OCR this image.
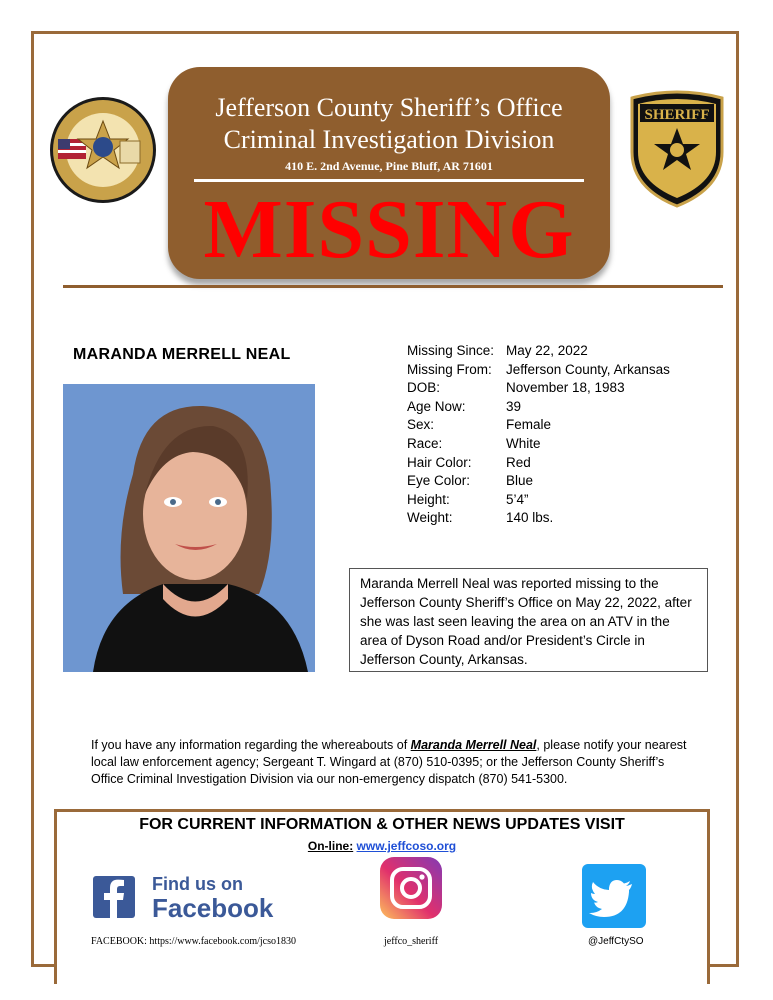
SHERIFF
Jefferson County Sheriff’s Office
Criminal Investigation Division
410 E. 2nd Avenue, Pine Bluff, AR 71601
MISSING
MARANDA MERRELL NEAL	Missing Since: May 22, 2022
Missing From: Jefferson County, Arkansas
DOB:	November 18, 1983
Age Now:	39
Sex:	Female
Race:	White
Hair Color:	Red
Eye Color:	Blue
Height:	5’4”
Weight:	140 lbs.
Maranda Merrell Neal was reported missing to the Jefferson County Sheriff’s Office on May 22, 2022, after she was last seen leaving the area on an ATV in the area of Dyson Road and/or President’s Circle in Jefferson County, Arkansas.
If you have any information regarding the whereabouts of Maranda Merrell Neal, please notify your nearest local law enforcement agency; Sergeant T. Wingard at (870) 510-0395; or the Jefferson County Sheriff’s Office Criminal Investigation Division via our non-emergency dispatch (870) 541-5300.
FOR CURRENT INFORMATION & OTHER NEWS UPDATES VISIT
On-line: www.jeffcoso.org
Find us on
Facebook
FACEBOOK: https://www.facebook.com/jcso1830	jeffco_sheriff	@JeffCtySO
